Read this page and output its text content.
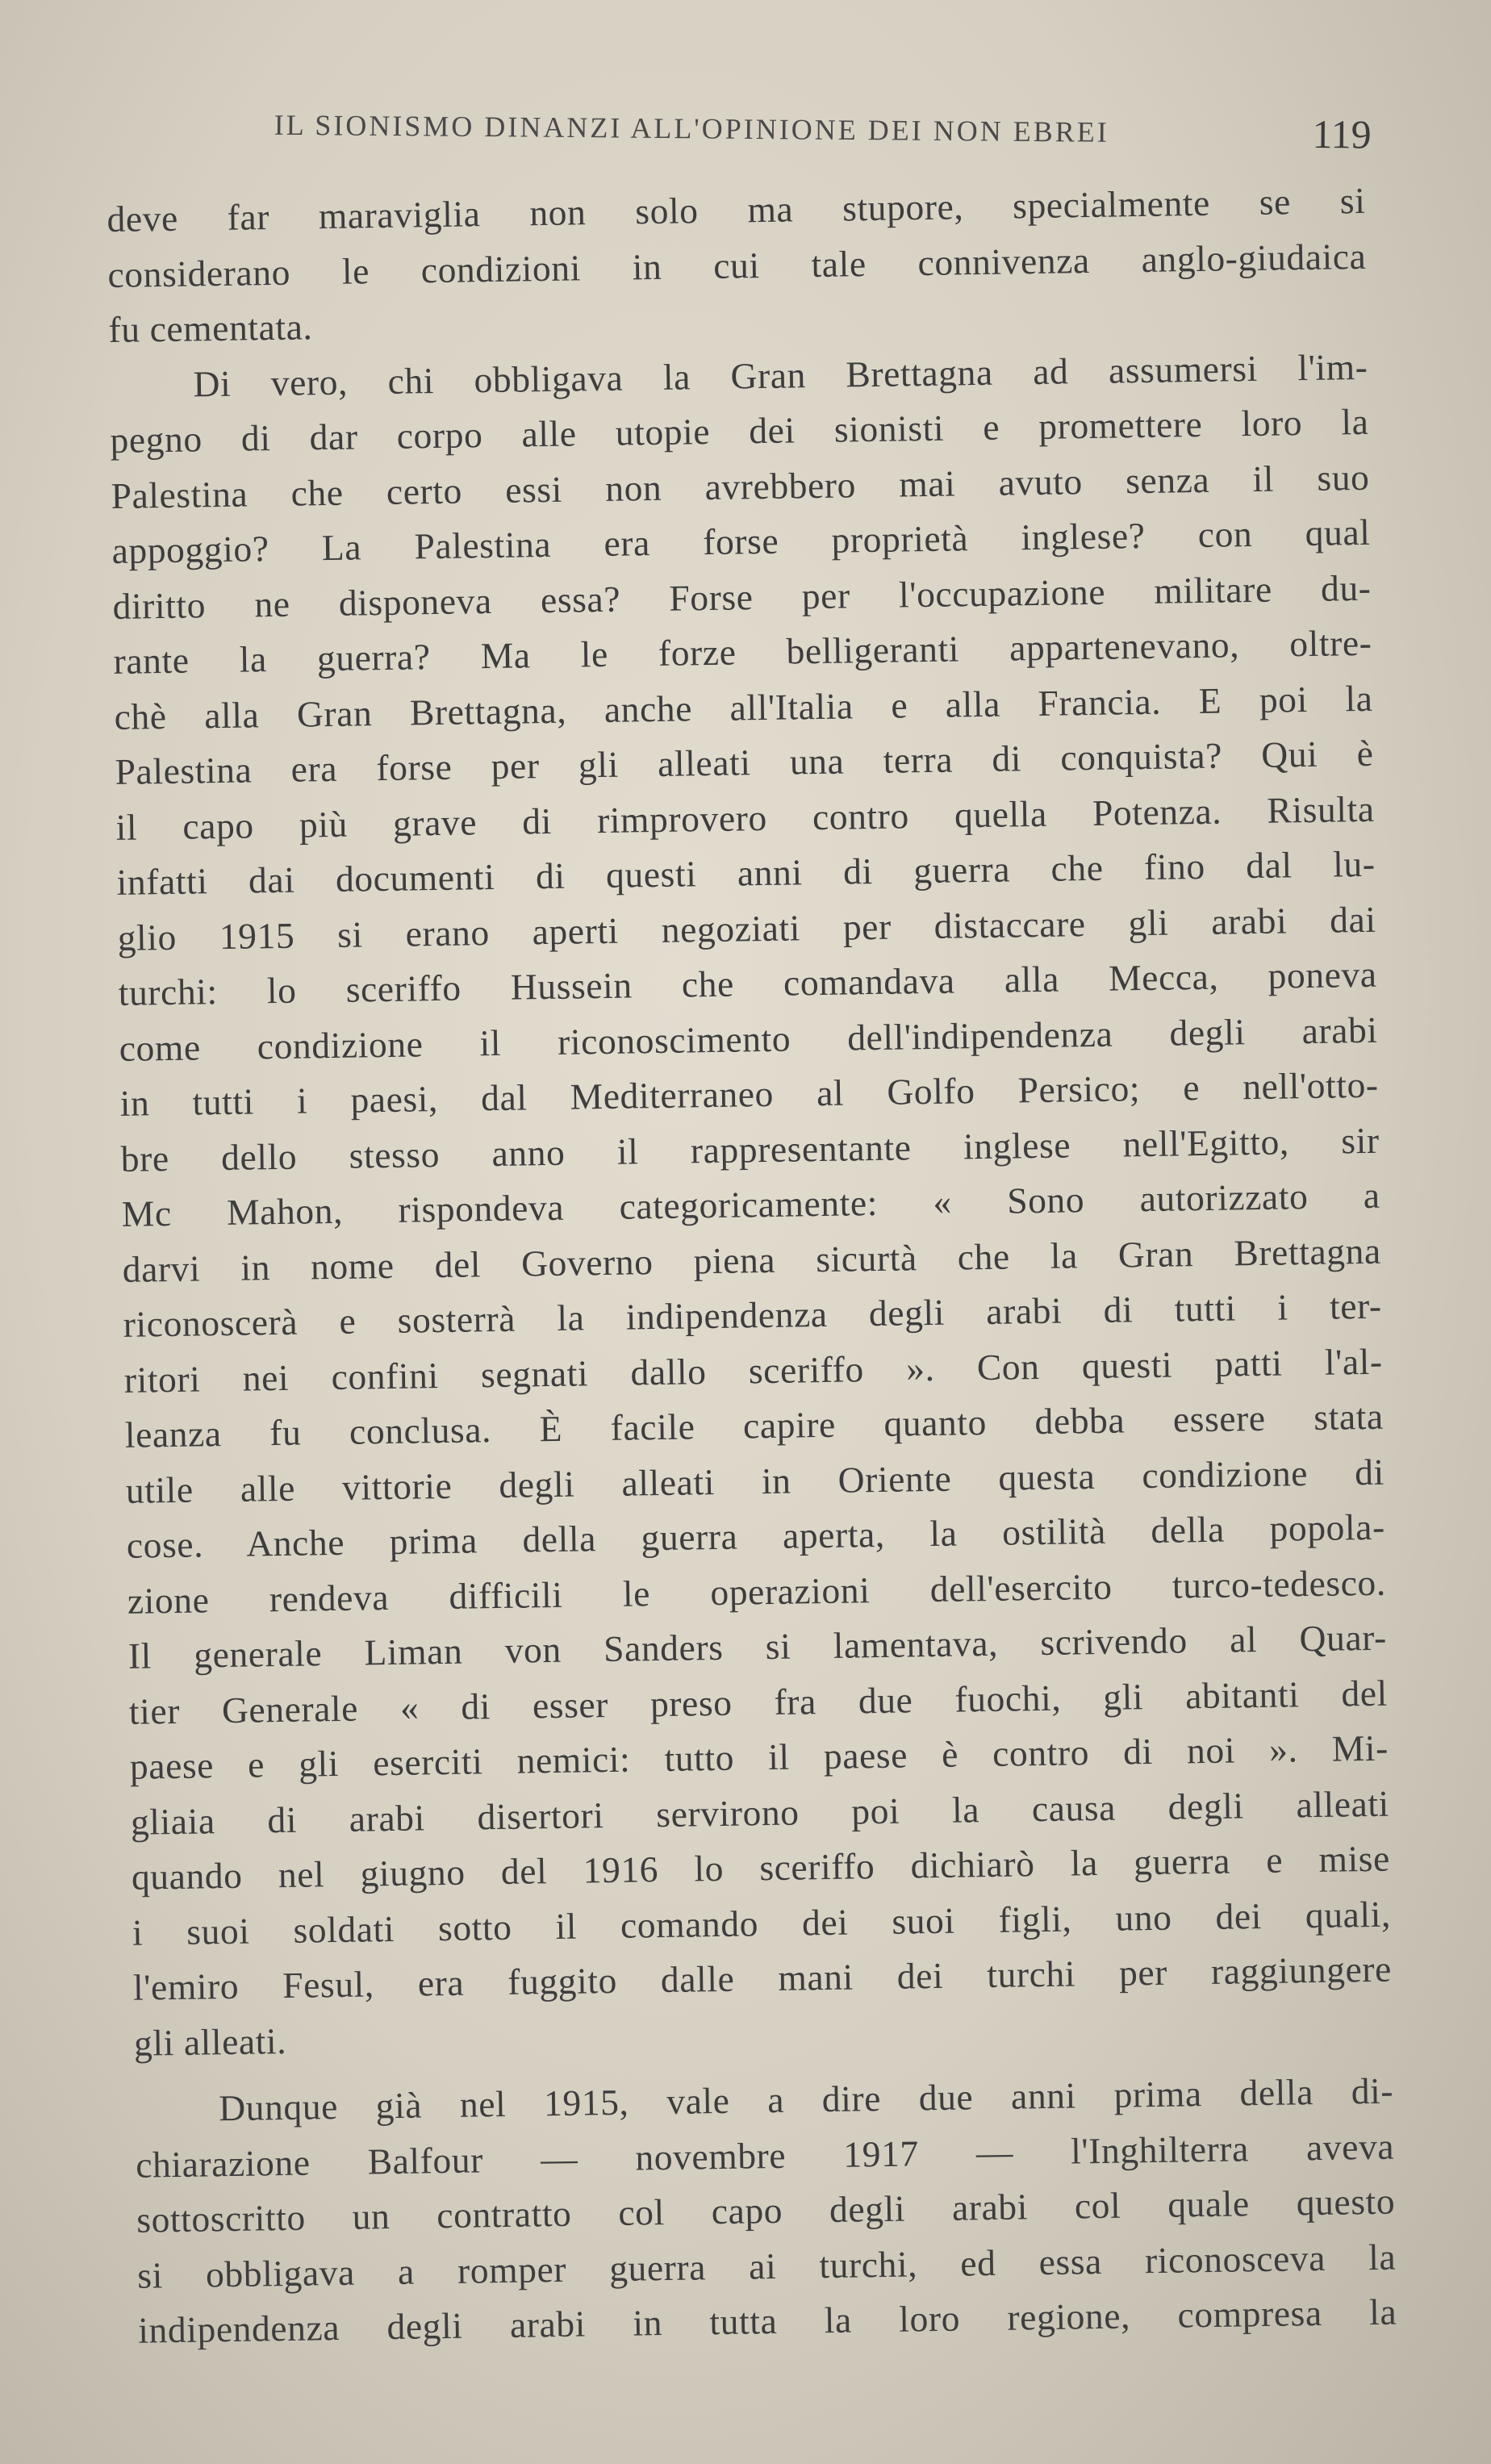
IL SIONISMO DINANZI ALL'OPINIONE DEI NON EBREI	119
deve far maraviglia non solo ma stupore, specialmente se si
considerano le condizioni in cui tale connivenza anglo-giudaica
fu cementata.
Di vero, chi obbligava la Gran Brettagna ad assumersi l'im-
pegno di dar corpo alle utopie dei sionisti e promettere loro la
Palestina che certo essi non avrebbero mai avuto senza il suo
appoggio? La Palestina era forse proprietà inglese? con qual
diritto ne disponeva essa? Forse per l'occupazione militare du-
rante la guerra? Ma le forze belligeranti appartenevano, oltre-
chè alla Gran Brettagna, anche all'Italia e alla Francia. E poi la
Palestina era forse per gli alleati una terra di conquista? Qui è
il capo più grave di rimprovero contro quella Potenza. Risulta
infatti dai documenti di questi anni di guerra che fino dal lu-
glio 1915 si erano aperti negoziati per distaccare gli arabi dai
turchi: lo sceriffo Hussein che comandava alla Mecca, poneva
come condizione il riconoscimento dell'indipendenza degli arabi
in tutti i paesi, dal Mediterraneo al Golfo Persico; e nell'otto-
bre dello stesso anno il rappresentante inglese nell'Egitto, sir
Mc Mahon, rispondeva categoricamente: « Sono autorizzato a
darvi in nome del Governo piena sicurtà che la Gran Brettagna
riconoscerà e sosterrà la indipendenza degli arabi di tutti i ter-
ritori nei confini segnati dallo sceriffo ». Con questi patti l'al-
leanza fu conclusa. È facile capire quanto debba essere stata
utile alle vittorie degli alleati in Oriente questa condizione di
cose. Anche prima della guerra aperta, la ostilità della popola-
zione rendeva difficili le operazioni dell'esercito turco-tedesco.
Il generale Liman von Sanders si lamentava, scrivendo al Quar-
tier Generale « di esser preso fra due fuochi, gli abitanti del
paese e gli eserciti nemici: tutto il paese è contro di noi ». Mi-
gliaia di arabi disertori servirono poi la causa degli alleati
quando nel giugno del 1916 lo sceriffo dichiarò la guerra e mise
i suoi soldati sotto il comando dei suoi figli, uno dei quali,
l'emiro Fesul, era fuggito dalle mani dei turchi per raggiungere
gli alleati.
Dunque già nel 1915, vale a dire due anni prima della di-
chiarazione Balfour — novembre 1917 — l'Inghilterra aveva
sottoscritto un contratto col capo degli arabi col quale questo
si obbligava a romper guerra ai turchi, ed essa riconosceva la
indipendenza degli arabi in tutta la loro regione, compresa la
